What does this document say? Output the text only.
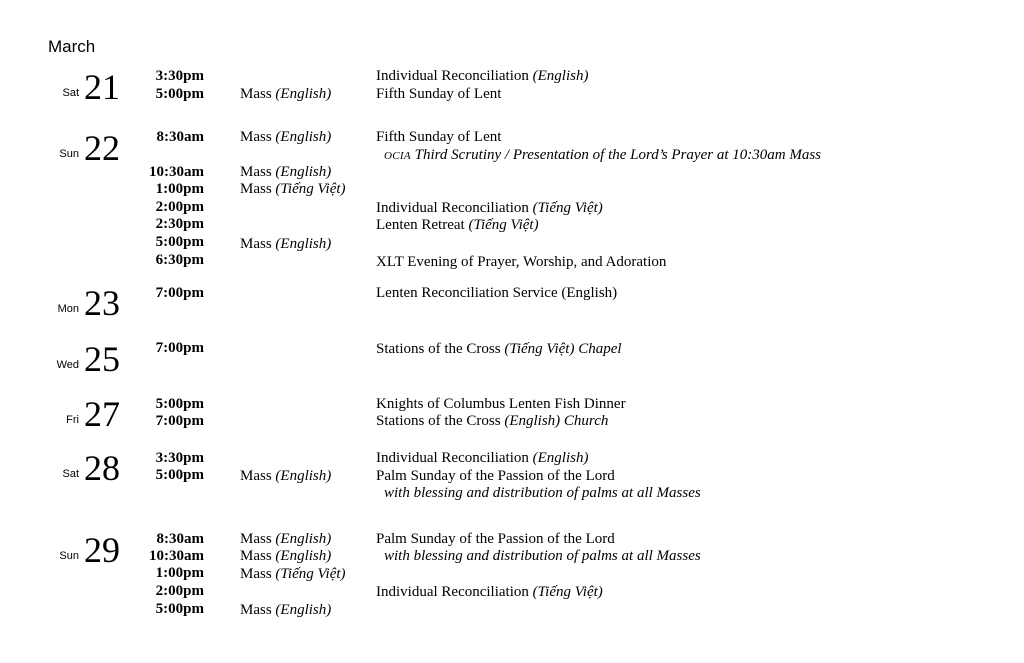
March
Sat 21 3:30pm	Individual Reconciliation (English)
5:00pm Mass (English)	Fifth Sunday of Lent
Sun 22 8:30am Mass (English)	Fifth Sunday of Lent
OCIA Third Scrutiny / Presentation of the Lord’s Prayer at 10:30am Mass
10:30am Mass (English)
1:00pm Mass (Tiếng Việt)
2:00pm	Individual Reconciliation (Tiếng Việt)
2:30pm	Lenten Retreat (Tiếng Việt)
5:00pm Mass (English)
6:30pm	XLT Evening of Prayer, Worship, and Adoration
Mon 23 7:00pm	Lenten Reconciliation Service (English)
Wed 25 7:00pm	Stations of the Cross (Tiếng Việt) Chapel
Fri 27 5:00pm	Knights of Columbus Lenten Fish Dinner
7:00pm	Stations of the Cross (English) Church
Sat 28 3:30pm	Individual Reconciliation (English)
5:00pm Mass (English)	Palm Sunday of the Passion of the Lord
with blessing and distribution of palms at all Masses
Sun 29 8:30am Mass (English)	Palm Sunday of the Passion of the Lord
10:30am Mass (English)	with blessing and distribution of palms at all Masses
1:00pm Mass (Tiếng Việt)
2:00pm	Individual Reconciliation (Tiếng Việt)
5:00pm Mass (English)
